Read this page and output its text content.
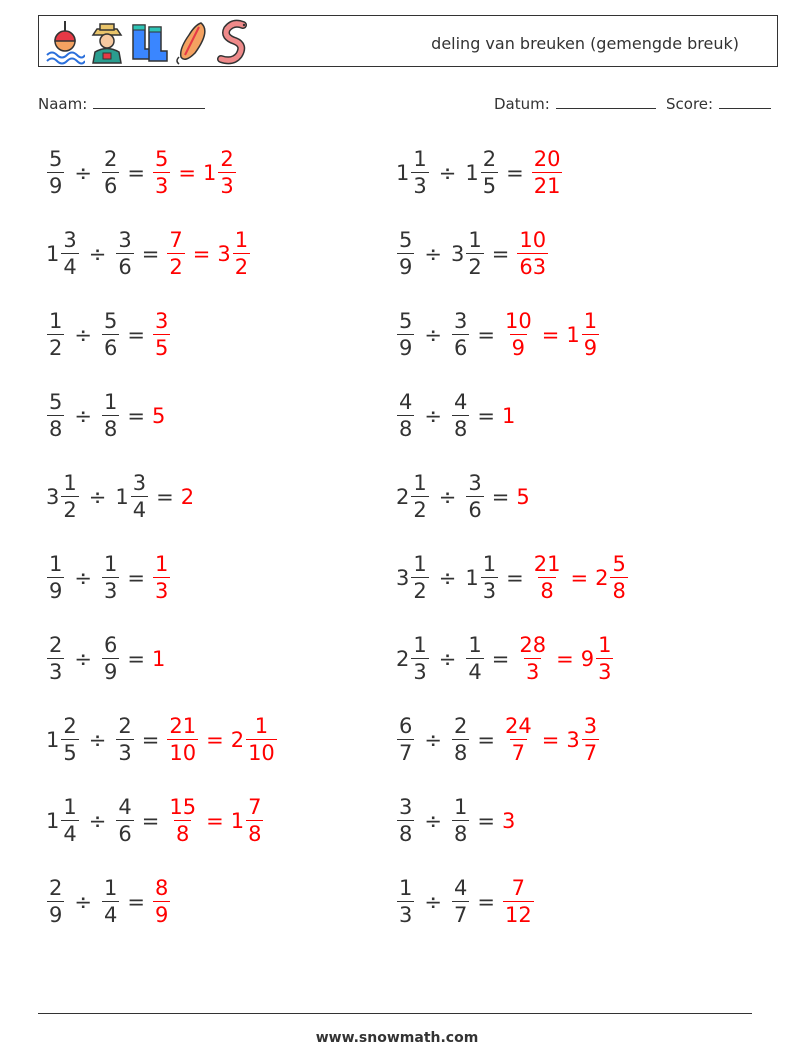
deling van breuken (gemengde breuk)
Naam:	Datum:	Score:
$\frac{5}{9} \div \frac{2}{6} = \frac{5}{3} = 1 \frac{2}{3}$	$1 \frac{1}{3} \div 1 \frac{2}{5} = \frac{20}{21}$
$1 \frac{3}{4} \div \frac{3}{6} = \frac{7}{2} = 3 \frac{1}{2}$	$\frac{5}{9} \div 3 \frac{1}{2} = \frac{10}{63}$
$\frac{1}{2} \div \frac{5}{6} = \frac{3}{5}$	$\frac{5}{9} \div \frac{3}{6} = \frac{10}{9} = 1 \frac{1}{9}$
$\frac{5}{8} \div \frac{1}{8} = 5$	$\frac{4}{8} \div \frac{4}{8} = 1$
$3 \frac{1}{2} \div 1 \frac{3}{4} = 2$	$2 \frac{1}{2} \div \frac{3}{6} = 5$
$\frac{1}{9} \div \frac{1}{3} = \frac{1}{3}$	$3 \frac{1}{2} \div 1 \frac{1}{3} = \frac{21}{8} = 2 \frac{5}{8}$
$\frac{2}{3} \div \frac{6}{9} = 1$	$2 \frac{1}{3} \div \frac{1}{4} = \frac{28}{3} = 9 \frac{1}{3}$
$1 \frac{2}{5} \div \frac{2}{3} = \frac{21}{10} = 2 \frac{1}{10}$	$\frac{6}{7} \div \frac{2}{8} = \frac{24}{7} = 3 \frac{3}{7}$
$1 \frac{1}{4} \div \frac{4}{6} = \frac{15}{8} = 1 \frac{7}{8}$	$\frac{3}{8} \div \frac{1}{8} = 3$
$\frac{2}{9} \div \frac{1}{4} = \frac{8}{9}$	$\frac{1}{3} \div \frac{4}{7} = \frac{7}{12}$
www.snowmath.com
